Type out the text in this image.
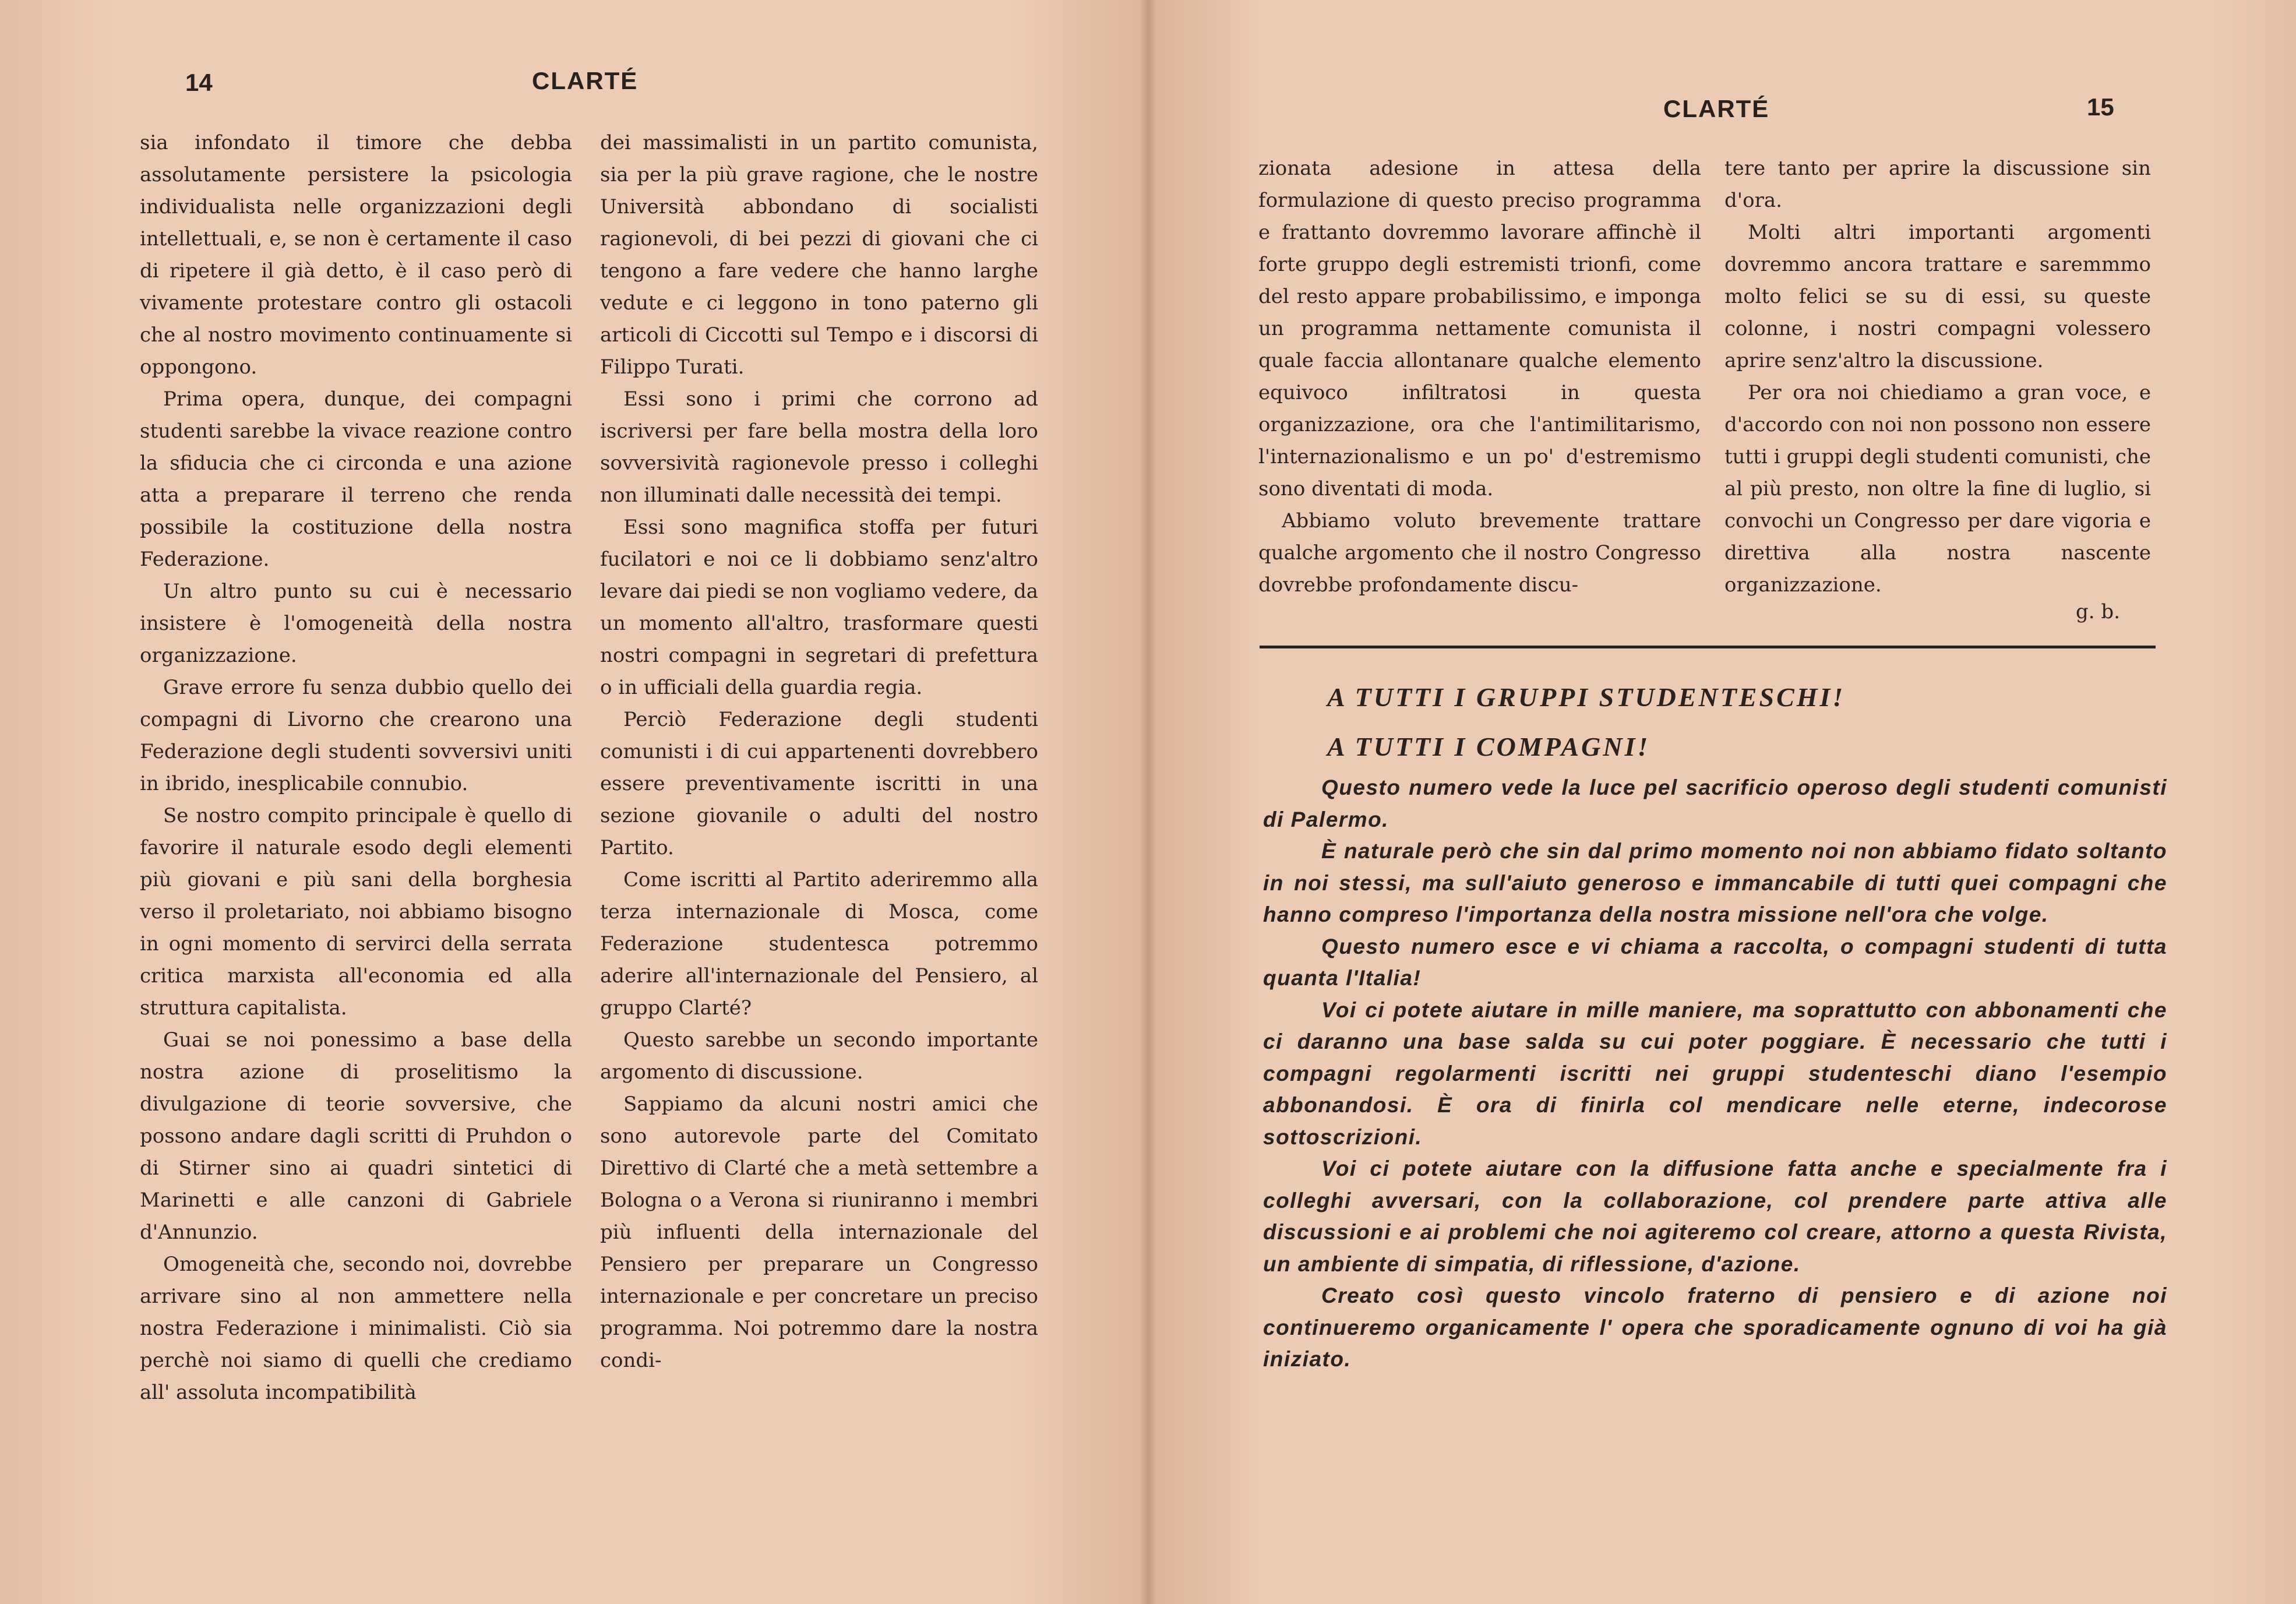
14	CLARTÉ

sia infondato il timore che debba assolutamente persistere la psicologia individualista nelle organizzazioni degli intellettuali, e, se non è certamente il caso di ripetere il già detto, è il caso però di vivamente protestare contro gli ostacoli che al nostro movimento continuamente si oppongono.

Prima opera, dunque, dei compagni studenti sarebbe la vivace reazione contro la sfiducia che ci circonda e una azione atta a preparare il terreno che renda possibile la costituzione della nostra Federazione.

Un altro punto su cui è necessario insistere è l'omogeneità della nostra organizzazione.

Grave errore fu senza dubbio quello dei compagni di Livorno che crearono una Federazione degli studenti sovversivi uniti in ibrido, inesplicabile connubio.

Se nostro compito principale è quello di favorire il naturale esodo degli elementi più giovani e più sani della borghesia verso il proletariato, noi abbiamo bisogno in ogni momento di servirci della serrata critica marxista all'economia ed alla struttura capitalista.

Guai se noi ponessimo a base della nostra azione di proselitismo la divulgazione di teorie sovversive, che possono andare dagli scritti di Pruhdon o di Stirner sino ai quadri sintetici di Marinetti e alle canzoni di Gabriele d'Annunzio.

Omogeneità che, secondo noi, dovrebbe arrivare sino al non ammettere nella nostra Federazione i minimalisti. Ciò sia perchè noi siamo di quelli che crediamo all' assoluta incompatibilità

dei massimalisti in un partito comunista, sia per la più grave ragione, che le nostre Università abbondano di socialisti ragionevoli, di bei pezzi di giovani che ci tengono a fare vedere che hanno larghe vedute e ci leggono in tono paterno gli articoli di Ciccotti sul Tempo e i discorsi di Filippo Turati.

Essi sono i primi che corrono ad iscriversi per fare bella mostra della loro sovversività ragionevole presso i colleghi non illuminati dalle necessità dei tempi.

Essi sono magnifica stoffa per futuri fucilatori e noi ce li dobbiamo senz'altro levare dai piedi se non vogliamo vedere, da un momento all'altro, trasformare questi nostri compagni in segretari di prefettura o in ufficiali della guardia regia.

Perciò Federazione degli studenti comunisti i di cui appartenenti dovrebbero essere preventivamente iscritti in una sezione giovanile o adulti del nostro Partito.

Come iscritti al Partito aderiremmo alla terza internazionale di Mosca, come Federazione studentesca potremmo aderire all'internazionale del Pensiero, al gruppo Clarté?

Questo sarebbe un secondo importante argomento di discussione.

Sappiamo da alcuni nostri amici che sono autorevole parte del Comitato Direttivo di Clarté che a metà settembre a Bologna o a Verona si riuniranno i membri più influenti della internazionale del Pensiero per preparare un Congresso internazionale e per concretare un preciso programma. Noi potremmo dare la nostra condi-

CLARTÉ	15

zionata adesione in attesa della formulazione di questo preciso programma e frattanto dovremmo lavorare affinchè il forte gruppo degli estremisti trionfi, come del resto appare probabilissimo, e imponga un programma nettamente comunista il quale faccia allontanare qualche elemento equivoco infiltratosi in questa organizzazione, ora che l'antimilitarismo, l'internazionalismo e un po' d'estremismo sono diventati di moda.

Abbiamo voluto brevemente trattare qualche argomento che il nostro Congresso dovrebbe profondamente discu-

tere tanto per aprire la discussione sin d'ora.

Molti altri importanti argomenti dovremmo ancora trattare e saremmmo molto felici se su di essi, su queste colonne, i nostri compagni volessero aprire senz'altro la discussione.

Per ora noi chiediamo a gran voce, e d'accordo con noi non possono non essere tutti i gruppi degli studenti comunisti, che al più presto, non oltre la fine di luglio, si convochi un Congresso per dare vigoria e direttiva alla nostra nascente organizzazione.

g. b.

A TUTTI I GRUPPI STUDENTESCHI!

A TUTTI I COMPAGNI!

Questo numero vede la luce pel sacrificio operoso degli studenti comunisti di Palermo.

È naturale però che sin dal primo momento noi non abbiamo fidato soltanto in noi stessi, ma sull'aiuto generoso e immancabile di tutti quei compagni che hanno compreso l'importanza della nostra missione nell'ora che volge.

Questo numero esce e vi chiama a raccolta, o compagni studenti di tutta quanta l'Italia!

Voi ci potete aiutare in mille maniere, ma soprattutto con abbonamenti che ci daranno una base salda su cui poter poggiare. È necessario che tutti i compagni regolarmenti iscritti nei gruppi studenteschi diano l'esempio abbonandosi. È ora di finirla col mendicare nelle eterne, indecorose sottoscrizioni.

Voi ci potete aiutare con la diffusione fatta anche e specialmente fra i colleghi avversari, con la collaborazione, col prendere parte attiva alle discussioni e ai problemi che noi agiteremo col creare, attorno a questa Rivista, un ambiente di simpatia, di riflessione, d'azione.

Creato così questo vincolo fraterno di pensiero e di azione noi continueremo organicamente l' opera che sporadicamente ognuno di voi ha già iniziato.
